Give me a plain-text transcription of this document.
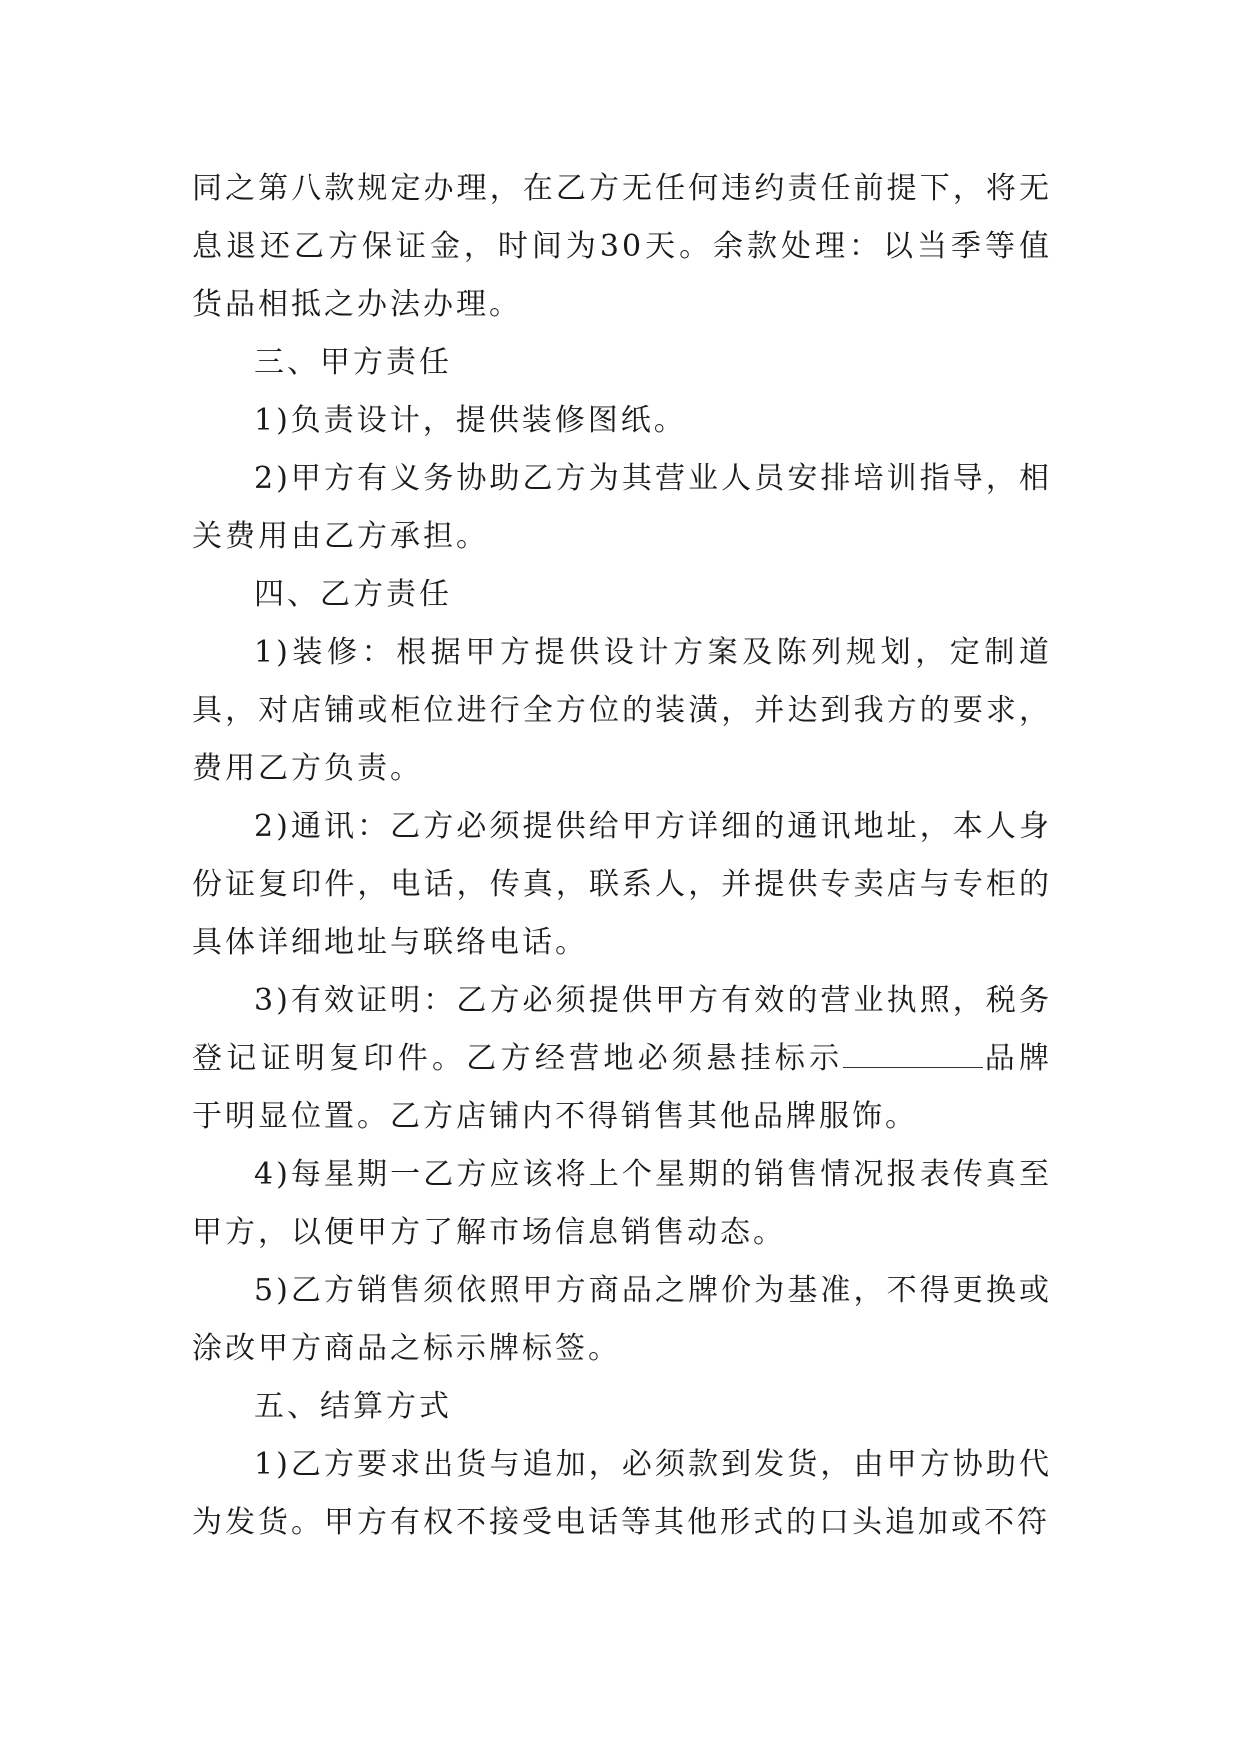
同之第八款规定办理，在乙方无任何违约责任前提下，将无息退还乙方保证金，时间为30天。余款处理：以当季等值货品相抵之办法办理。

三、甲方责任

1)负责设计，提供装修图纸。

2)甲方有义务协助乙方为其营业人员安排培训指导，相关费用由乙方承担。

四、乙方责任

1)装修：根据甲方提供设计方案及陈列规划，定制道具，对店铺或柜位进行全方位的装潢，并达到我方的要求，费用乙方负责。

2)通讯：乙方必须提供给甲方详细的通讯地址，本人身份证复印件，电话，传真，联系人，并提供专卖店与专柜的具体详细地址与联络电话。

3)有效证明：乙方必须提供甲方有效的营业执照，税务登记证明复印件。乙方经营地必须悬挂标示	品牌于明显位置。乙方店铺内不得销售其他品牌服饰。

4)每星期一乙方应该将上个星期的销售情况报表传真至甲方，以便甲方了解市场信息销售动态。

5)乙方销售须依照甲方商品之牌价为基准，不得更换或涂改甲方商品之标示牌标签。

五、结算方式

1)乙方要求出货与追加，必须款到发货，由甲方协助代为发货。甲方有权不接受电话等其他形式的口头追加或不符
